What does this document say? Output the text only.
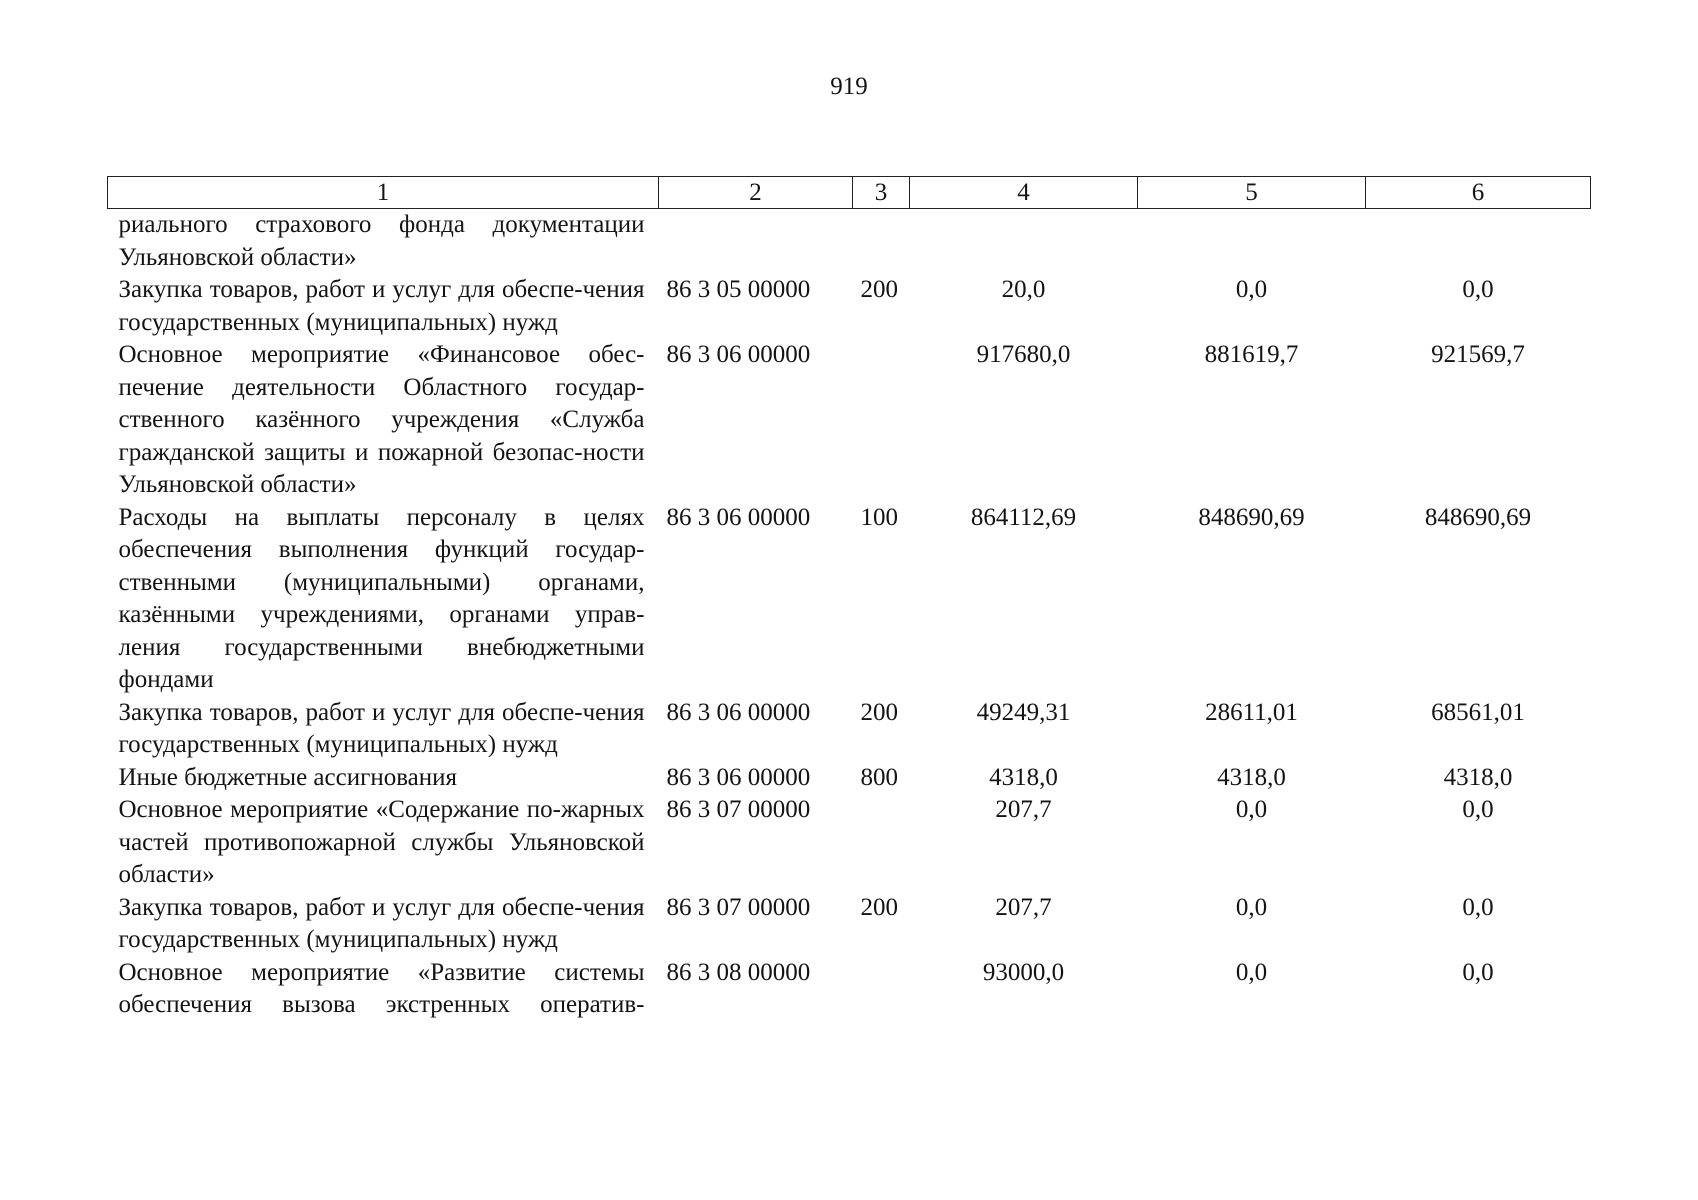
919
1	2	3	4	5	6
риального страхового фонда документации Ульяновской области»					
Закупка товаров, работ и услуг для обеспе-чения государственных (муниципальных) нужд	86 3 05 00000	200	20,0	0,0	0,0
Основное мероприятие «Финансовое обес-печение деятельности Областного государ-ственного казённого учреждения «Служба гражданской защиты и пожарной безопас-ности Ульяновской области»	86 3 06 00000		917680,0	881619,7	921569,7
Расходы на выплаты персоналу в целях обеспечения выполнения функций государ-ственными (муниципальными) органами, казёнными учреждениями, органами управ-ления государственными внебюджетными фондами	86 3 06 00000	100	864112,69	848690,69	848690,69
Закупка товаров, работ и услуг для обеспе-чения государственных (муниципальных) нужд	86 3 06 00000	200	49249,31	28611,01	68561,01
Иные бюджетные ассигнования	86 3 06 00000	800	4318,0	4318,0	4318,0
Основное мероприятие «Содержание по-жарных частей противопожарной службы Ульяновской области»	86 3 07 00000		207,7	0,0	0,0
Закупка товаров, работ и услуг для обеспе-чения государственных (муниципальных) нужд	86 3 07 00000	200	207,7	0,0	0,0
Основное мероприятие «Развитие системы обеспечения вызова экстренных оператив-	86 3 08 00000		93000,0	0,0	0,0
